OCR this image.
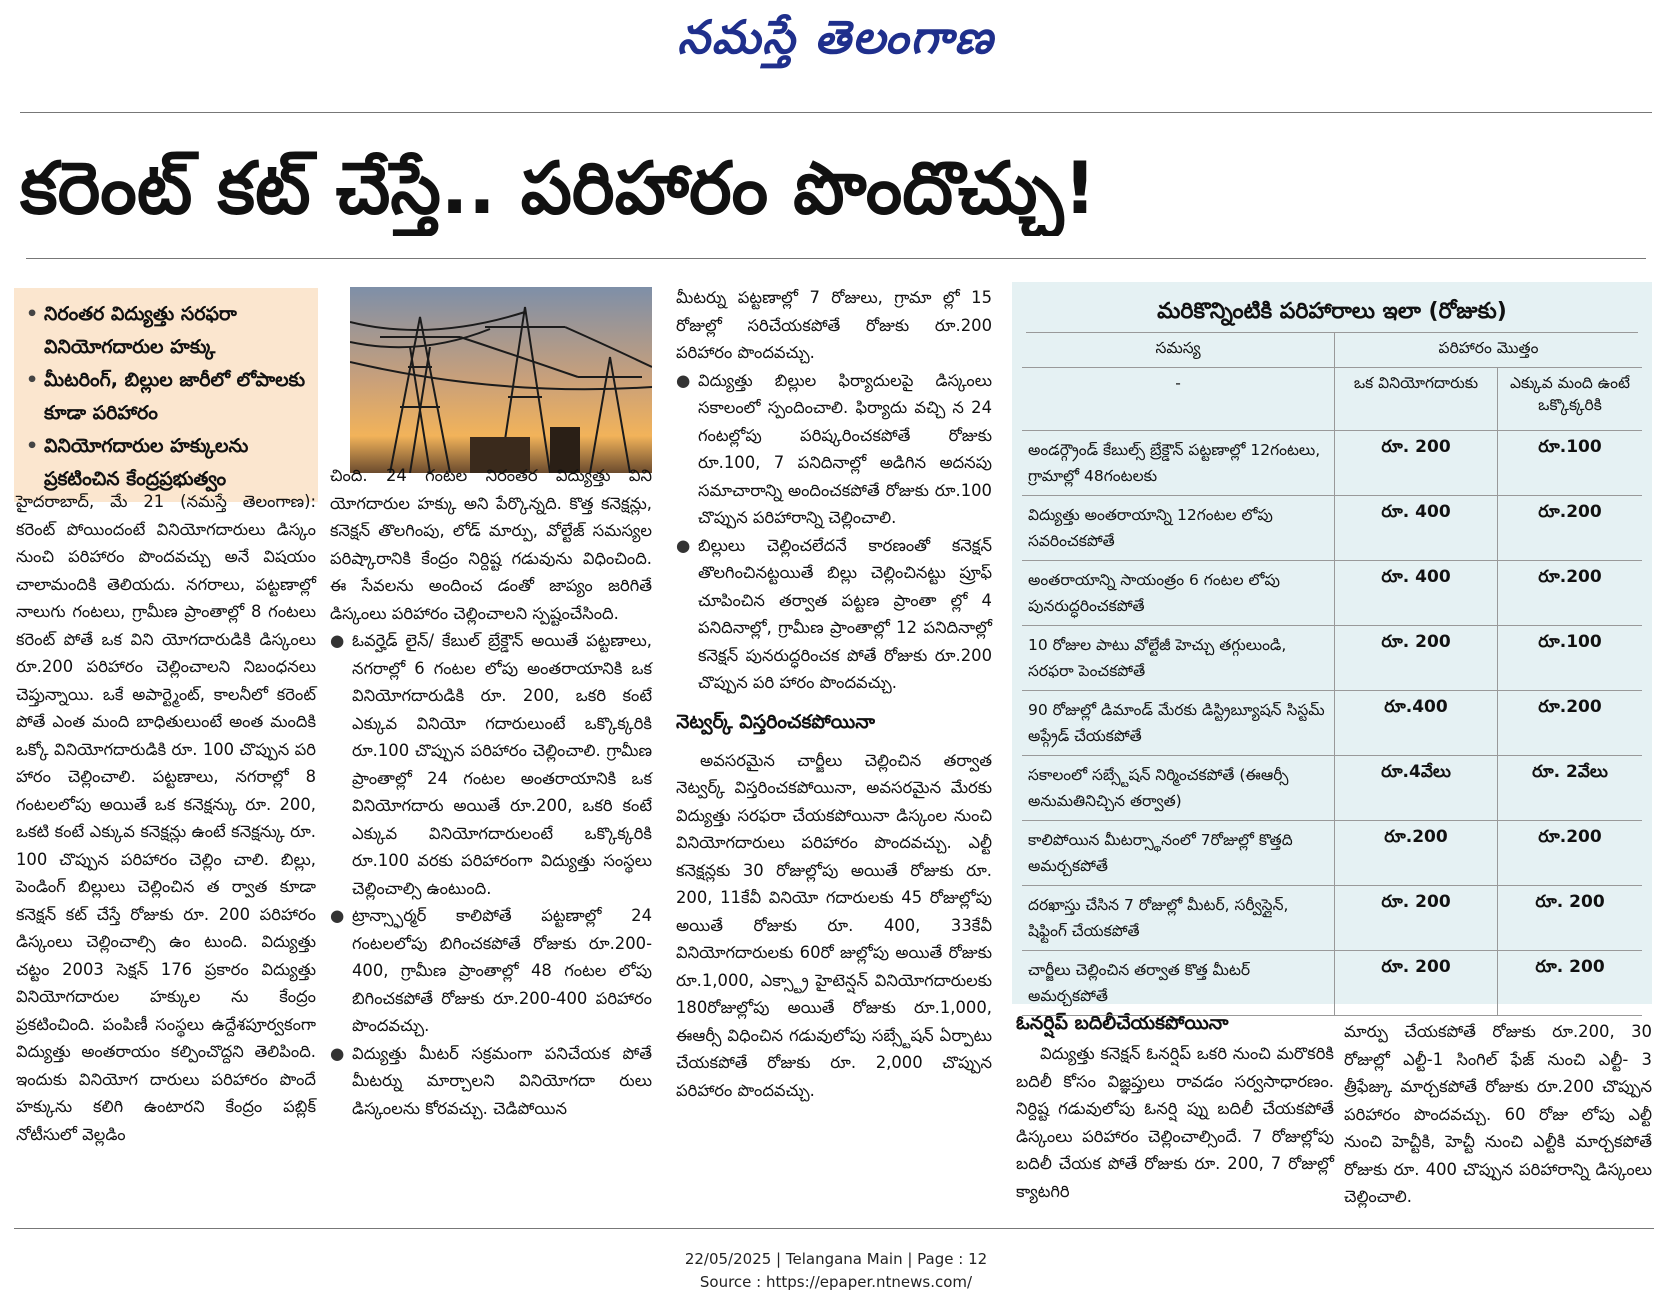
నమస్తే తెలంగాణ
కరెంట్ కట్ చేస్తే.. పరిహారం పొందొచ్చు!
• నిరంతర విద్యుత్తు సరఫరా వినియోగదారుల హక్కు
• మీటరింగ్, బిల్లుల జారీలో లోపాలకు కూడా పరిహారం
• వినియోగదారుల హక్కులను ప్రకటించిన కేంద్రప్రభుత్వం

హైదరాబాద్, మే 21 (నమస్తే తెలంగాణ): కరెంట్ పోయిందంటే వినియోగదారులు డిస్కం నుంచి పరిహారం పొందవచ్చు అనే విషయం చాలామందికి తెలియదు. నగరాలు, పట్టణాల్లో నాలుగు గంటలు, గ్రామీణ ప్రాంతాల్లో 8 గంటలు కరెంట్ పోతే ఒక విని యోగదారుడికి డిస్కంలు రూ.200 పరిహారం చెల్లించాలని నిబంధనలు చెప్తున్నాయి. ఒకే అపార్ట్మెంట్, కాలనీలో కరెంట్ పోతే ఎంత మంది బాధితులుంటే అంత మందికి ఒక్కో వినియోగదారుడికి రూ. 100 చొప్పున పరి హారం చెల్లించాలి. పట్టణాలు, నగరాల్లో 8 గంటలలోపు అయితే ఒక కనెక్షన్కు రూ. 200, ఒకటి కంటే ఎక్కువ కనెక్షన్లు ఉంటే కనెక్షన్కు రూ. 100 చొప్పున పరిహారం చెల్లిం చాలి. బిల్లు, పెండింగ్ బిల్లులు చెల్లించిన త ర్వాత కూడా కనెక్షన్ కట్ చేస్తే రోజుకు రూ. 200 పరిహారం డిస్కంలు చెల్లించాల్సి ఉం టుంది. విద్యుత్తు చట్టం 2003 సెక్షన్ 176 ప్రకారం విద్యుత్తు వినియోగదారుల హక్కుల ను కేంద్రం ప్రకటించింది. పంపిణీ సంస్థలు ఉద్దేశపూర్వకంగా విద్యుత్తు అంతరాయం కల్పించొద్దని తెలిపింది. ఇందుకు వినియోగ దారులు పరిహారం పొందే హక్కును కలిగి ఉంటారని కేంద్రం పబ్లిక్ నోటీసులో వెల్లడిం

చింది. 24 గంటల నిరంతర విద్యుత్తు విని యోగదారుల హక్కు అని పేర్కొన్నది. కొత్త కనెక్షన్లు, కనెక్షన్ తొలగింపు, లోడ్ మార్పు, వోల్టేజ్ సమస్యల పరిష్కారానికి కేంద్రం నిర్దిష్ట గడువును విధించింది. ఈ సేవలను అందించ డంతో జాప్యం జరిగితే డిస్కంలు పరిహారం చెల్లించాలని స్పష్టంచేసింది.

● ఓవర్హెడ్ లైన్/ కేబుల్ బ్రేక్డౌన్ అయితే పట్టణాలు, నగరాల్లో 6 గంటల లోపు అంతరాయానికి ఒక వినియోగదారుడికి రూ. 200, ఒకరి కంటే ఎక్కువ వినియో గదారులుంటే ఒక్కొక్కరికి రూ.100 చొప్పున పరిహారం చెల్లించాలి. గ్రామీణ ప్రాంతాల్లో 24 గంటల అంతరాయానికి ఒక వినియోగదారు అయితే రూ.200, ఒకరి కంటే ఎక్కువ వినియోగదారులంటే ఒక్కొక్కరికి రూ.100 వరకు పరిహారంగా విద్యుత్తు సంస్థలు చెల్లించాల్సి ఉంటుంది.
● ట్రాన్స్ఫార్మర్ కాలిపోతే పట్టణాల్లో 24 గంటలలోపు బిగించకపోతే రోజుకు రూ.200-400, గ్రామీణ ప్రాంతాల్లో 48 గంటల లోపు బిగించకపోతే రోజుకు రూ.200-400 పరిహారం పొందవచ్చు.
● విద్యుత్తు మీటర్ సక్రమంగా పనిచేయక పోతే మీటర్ను మార్చాలని వినియోగదా రులు డిస్కంలను కోరవచ్చు. చెడిపోయిన

మీటర్ను పట్టణాల్లో 7 రోజులు, గ్రామా ల్లో 15 రోజుల్లో సరిచేయకపోతే రోజుకు రూ.200 పరిహారం పొందవచ్చు.

● విద్యుత్తు బిల్లుల ఫిర్యాదులపై డిస్కంలు సకాలంలో స్పందించాలి. ఫిర్యాదు వచ్చి న 24 గంటల్లోపు పరిష్కరించకపోతే రోజుకు రూ.100, 7 పనిదినాల్లో అడిగిన అదనపు సమాచారాన్ని అందించకపోతే రోజుకు రూ.100 చొప్పున పరిహారాన్ని చెల్లించాలి.
● బిల్లులు చెల్లించలేదనే కారణంతో కనెక్షన్ తొలగించినట్టయితే బిల్లు చెల్లించినట్టు ప్రూఫ్ చూపించిన తర్వాత పట్టణ ప్రాంతా ల్లో 4 పనిదినాల్లో, గ్రామీణ ప్రాంతాల్లో 12 పనిదినాల్లో కనెక్షన్ పునరుద్ధరించక పోతే రోజుకు రూ.200 చొప్పున పరి హారం పొందవచ్చు.
నెట్వర్క్ విస్తరించకపోయినా

అవసరమైన చార్జీలు చెల్లించిన తర్వాత నెట్వర్క్ విస్తరించకపోయినా, అవసరమైన మేరకు విద్యుత్తు సరఫరా చేయకపోయినా డిస్కంల నుంచి వినియోగదారులు పరిహారం పొందవచ్చు. ఎల్టీ కనెక్షన్లకు 30 రోజుల్లోపు అయితే రోజుకు రూ. 200, 11కేవీ వినియో గదారులకు 45 రోజుల్లోపు అయితే రోజుకు రూ. 400, 33కేవీ వినియోగదారులకు 60రో జుల్లోపు అయితే రోజుకు రూ.1,000, ఎక్స్ట్రా హైటెన్షన్ వినియోగదారులకు 180రోజుల్లోపు అయితే రోజుకు రూ.1,000, ఈఆర్సీ విధించిన గడువులోపు సబ్స్టేషన్ ఏర్పాటు చేయకపోతే రోజుకు రూ. 2,000 చొప్పున పరిహారం పొందవచ్చు.

మరికొన్నింటికి పరిహారాలు ఇలా (రోజుకు)
సమస్య	పరిహారం మొత్తం	
-	ఒక వినియోగదారుకు	ఎక్కువ మంది ఉంటే ఒక్కొక్కరికి
అండర్గ్రౌండ్ కేబుల్స్ బ్రేక్డౌన్ పట్టణాల్లో 12గంటలు, గ్రామాల్లో 48గంటలకు	రూ. 200	రూ.100
విద్యుత్తు అంతరాయాన్ని 12గంటల లోపు సవరించకపోతే	రూ. 400	రూ.200
అంతరాయాన్ని సాయంత్రం 6 గంటల లోపు పునరుద్ధరించకపోతే	రూ. 400	రూ.200
10 రోజుల పాటు వోల్టేజీ హెచ్చు తగ్గులుండి, సరఫరా పెంచకపోతే	రూ. 200	రూ.100
90 రోజుల్లో డిమాండ్ మేరకు డిస్ట్రిబ్యూషన్ సిస్టమ్ అప్గ్రేడ్ చేయకపోతే	రూ.400	రూ.200
సకాలంలో సబ్స్టేషన్ నిర్మించకపోతే (ఈఆర్సీ అనుమతినిచ్చిన తర్వాత)	రూ.4వేలు	రూ. 2వేలు
కాలిపోయిన మీటర్స్థానంలో 7రోజుల్లో కొత్తది అమర్చకపోతే	రూ.200	రూ.200
దరఖాస్తు చేసిన 7 రోజుల్లో మీటర్, సర్వీస్లైన్, షిఫ్టింగ్ చేయకపోతే	రూ. 200	రూ. 200
చార్జీలు చెల్లించిన తర్వాత కొత్త మీటర్ అమర్చకపోతే	రూ. 200	రూ. 200
ఓనర్షిప్ బదిలీచేయకపోయినా

విద్యుత్తు కనెక్షన్ ఓనర్షిప్ ఒకరి నుంచి మరొకరికి బదిలీ కోసం విజ్ఞప్తులు రావడం సర్వసాధారణం. నిర్దిష్ట గడువులోపు ఓనర్షి ప్ను బదిలీ చేయకపోతే డిస్కంలు పరిహారం చెల్లించాల్సిందే. 7 రోజుల్లోపు బదిలీ చేయక పోతే రోజుకు రూ. 200, 7 రోజుల్లో క్యాటగిరి

మార్పు చేయకపోతే రోజుకు రూ.200, 30 రోజుల్లో ఎల్టీ-1 సింగిల్ ఫేజ్ నుంచి ఎల్టీ- 3 త్రీఫేజ్కు మార్చకపోతే రోజుకు రూ.200 చొప్పున పరిహారం పొందవచ్చు. 60 రోజు లోపు ఎల్టీ నుంచి హెచ్టీకి, హెచ్టీ నుంచి ఎల్టీకి మార్చకపోతే రోజుకు రూ. 400 చొప్పున పరిహారాన్ని డిస్కంలు చెల్లించాలి.

22/05/2025 | Telangana Main | Page : 12
Source : https://epaper.ntnews.com/
